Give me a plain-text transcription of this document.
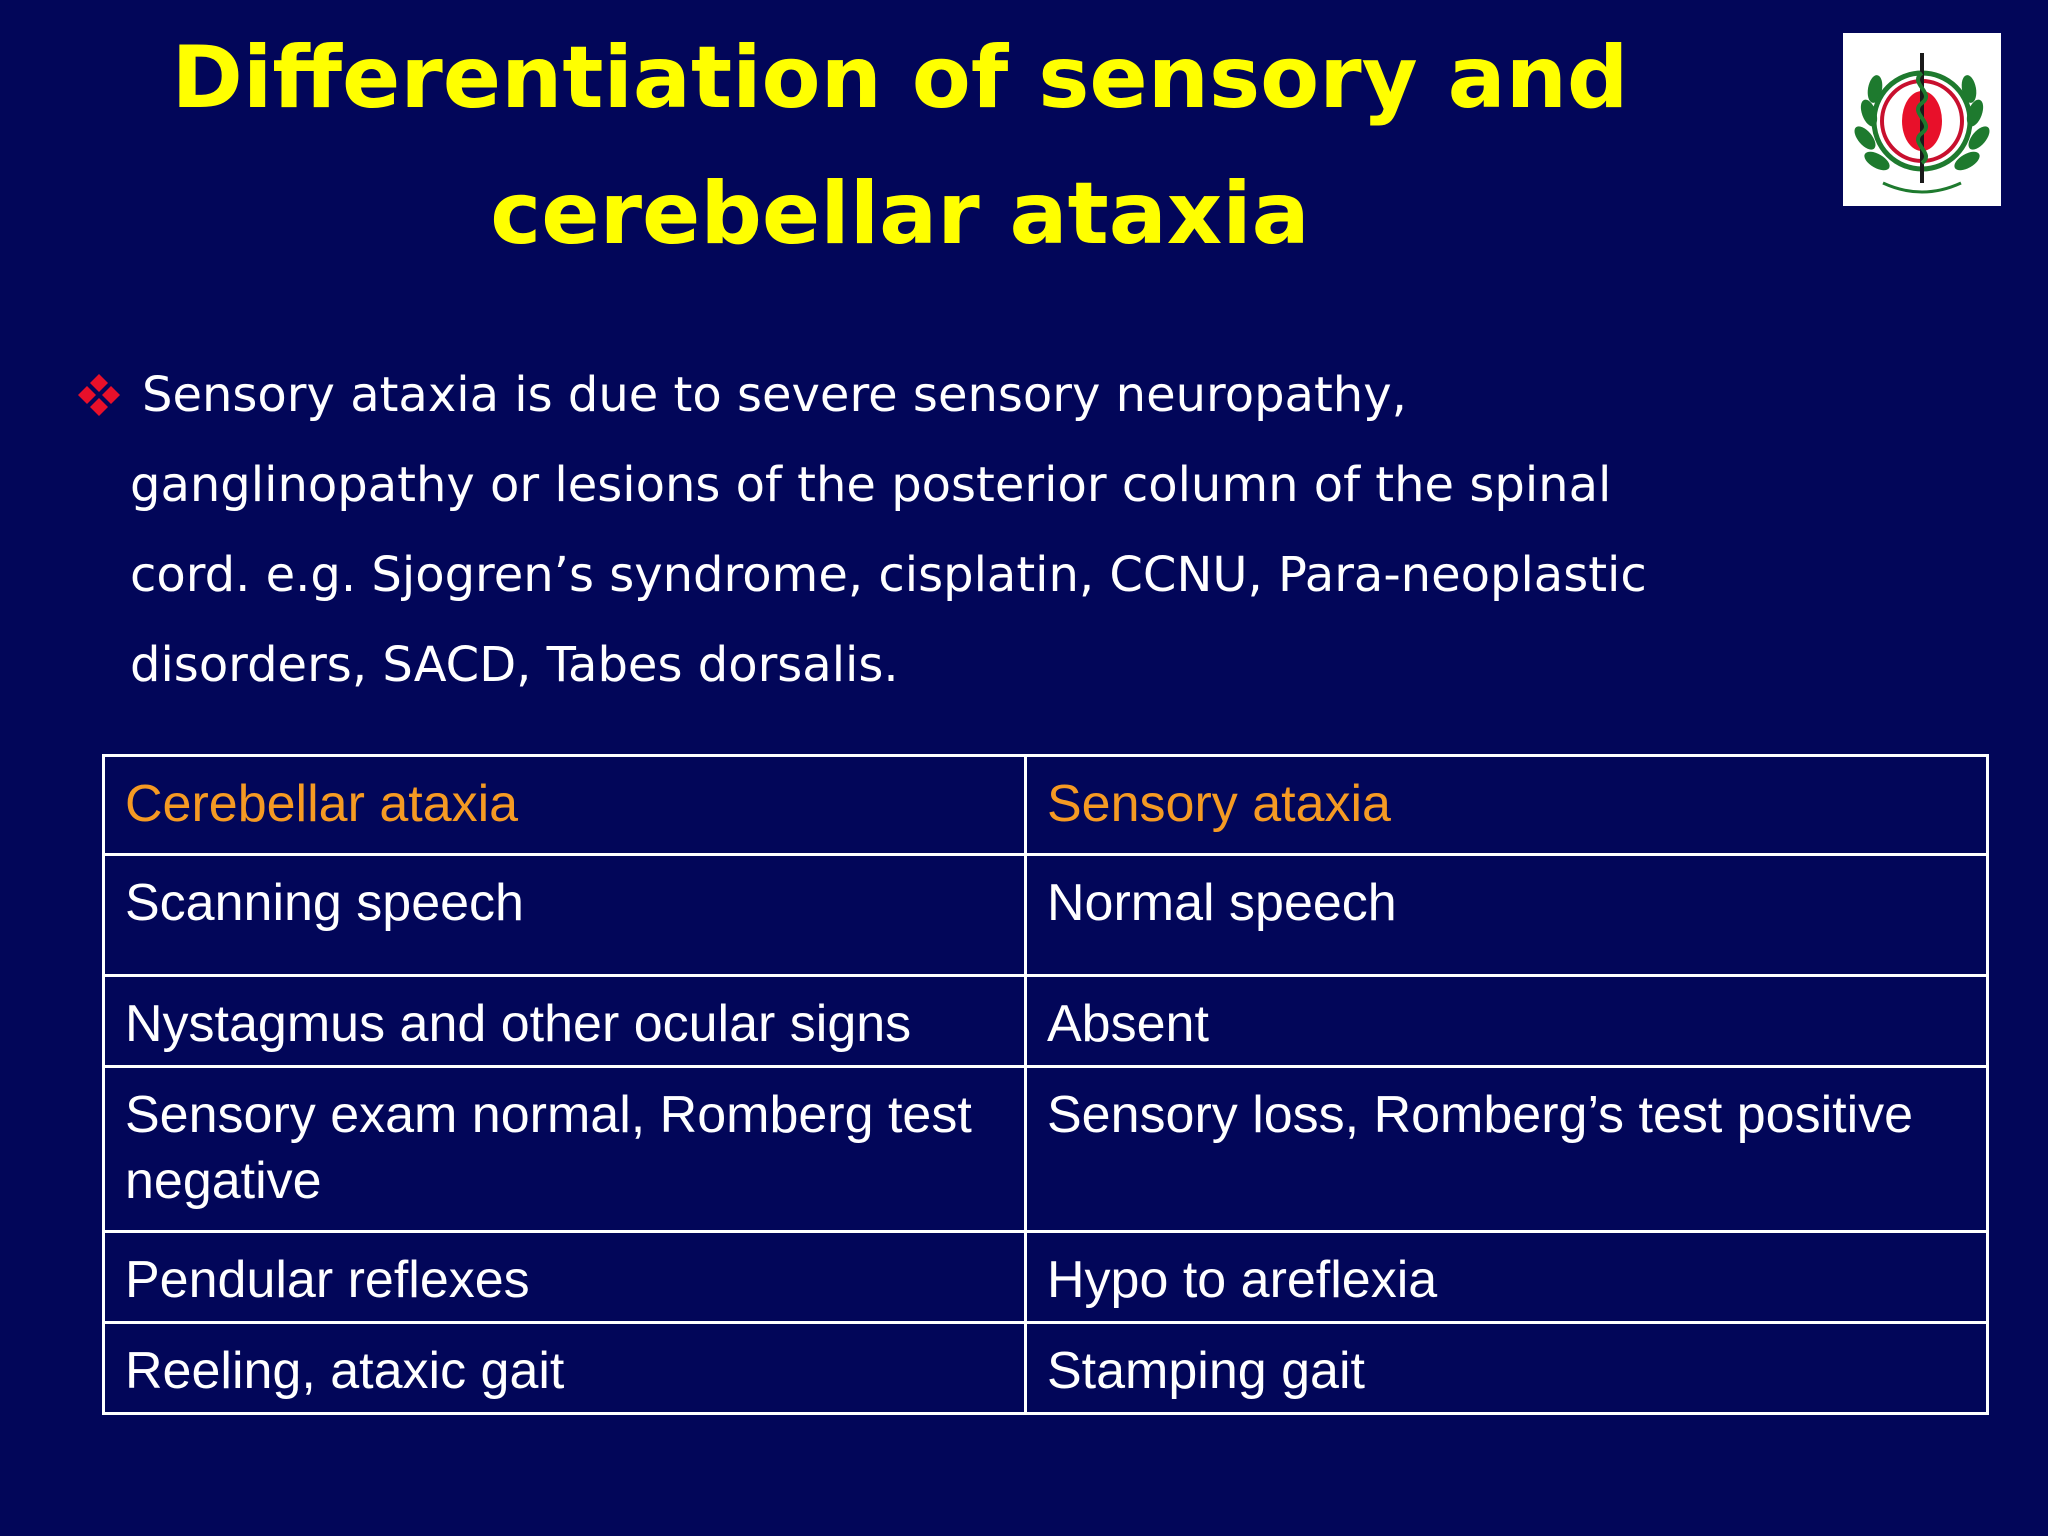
Differentiation of sensory and
cerebellar ataxia
Sensory ataxia is due to severe sensory neuropathy,
ganglinopathy or lesions of the posterior column of the spinal
cord. e.g. Sjogren’s syndrome, cisplatin, CCNU, Para-neoplastic
disorders, SACD, Tabes dorsalis.
Cerebellar ataxia	Sensory ataxia
Scanning speech	Normal speech
Nystagmus and other ocular signs	Absent
Sensory exam normal, Romberg test negative	Sensory loss, Romberg’s test positive
Pendular reflexes	Hypo to areflexia
Reeling, ataxic gait	Stamping gait
